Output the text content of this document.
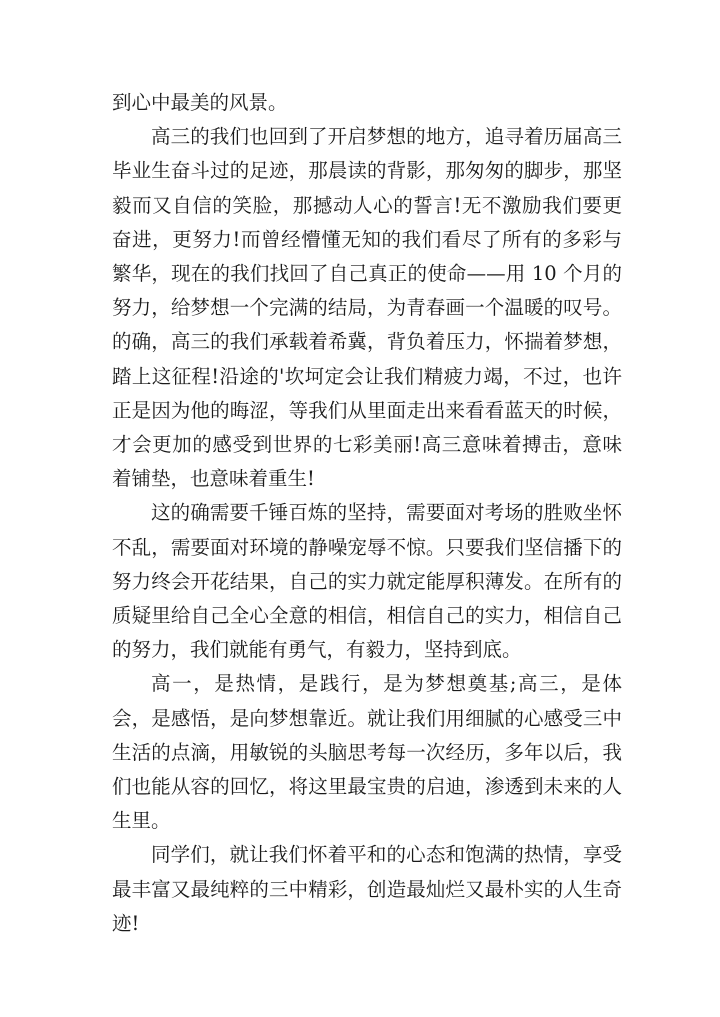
到心中最美的风景。

高三的我们也回到了开启梦想的地方，追寻着历届高三毕业生奋斗过的足迹，那晨读的背影，那匆匆的脚步，那坚毅而又自信的笑脸，那撼动人心的誓言!无不激励我们要更奋进，更努力!而曾经懵懂无知的我们看尽了所有的多彩与繁华，现在的我们找回了自己真正的使命——用 10 个月的努力，给梦想一个完满的结局，为青春画一个温暖的叹号。的确，高三的我们承载着希冀，背负着压力，怀揣着梦想，踏上这征程!沿途的'坎坷定会让我们精疲力竭，不过，也许正是因为他的晦涩，等我们从里面走出来看看蓝天的时候，才会更加的感受到世界的七彩美丽!高三意味着搏击，意味着铺垫，也意味着重生!

这的确需要千锤百炼的坚持，需要面对考场的胜败坐怀不乱，需要面对环境的静噪宠辱不惊。只要我们坚信播下的努力终会开花结果，自己的实力就定能厚积薄发。在所有的质疑里给自己全心全意的相信，相信自己的实力，相信自己的努力，我们就能有勇气，有毅力，坚持到底。

高一，是热情，是践行，是为梦想奠基;高三，是体会，是感悟，是向梦想靠近。就让我们用细腻的心感受三中生活的点滴，用敏锐的头脑思考每一次经历，多年以后，我们也能从容的回忆，将这里最宝贵的启迪，渗透到未来的人生里。

同学们，就让我们怀着平和的心态和饱满的热情，享受最丰富又最纯粹的三中精彩，创造最灿烂又最朴实的人生奇迹!
